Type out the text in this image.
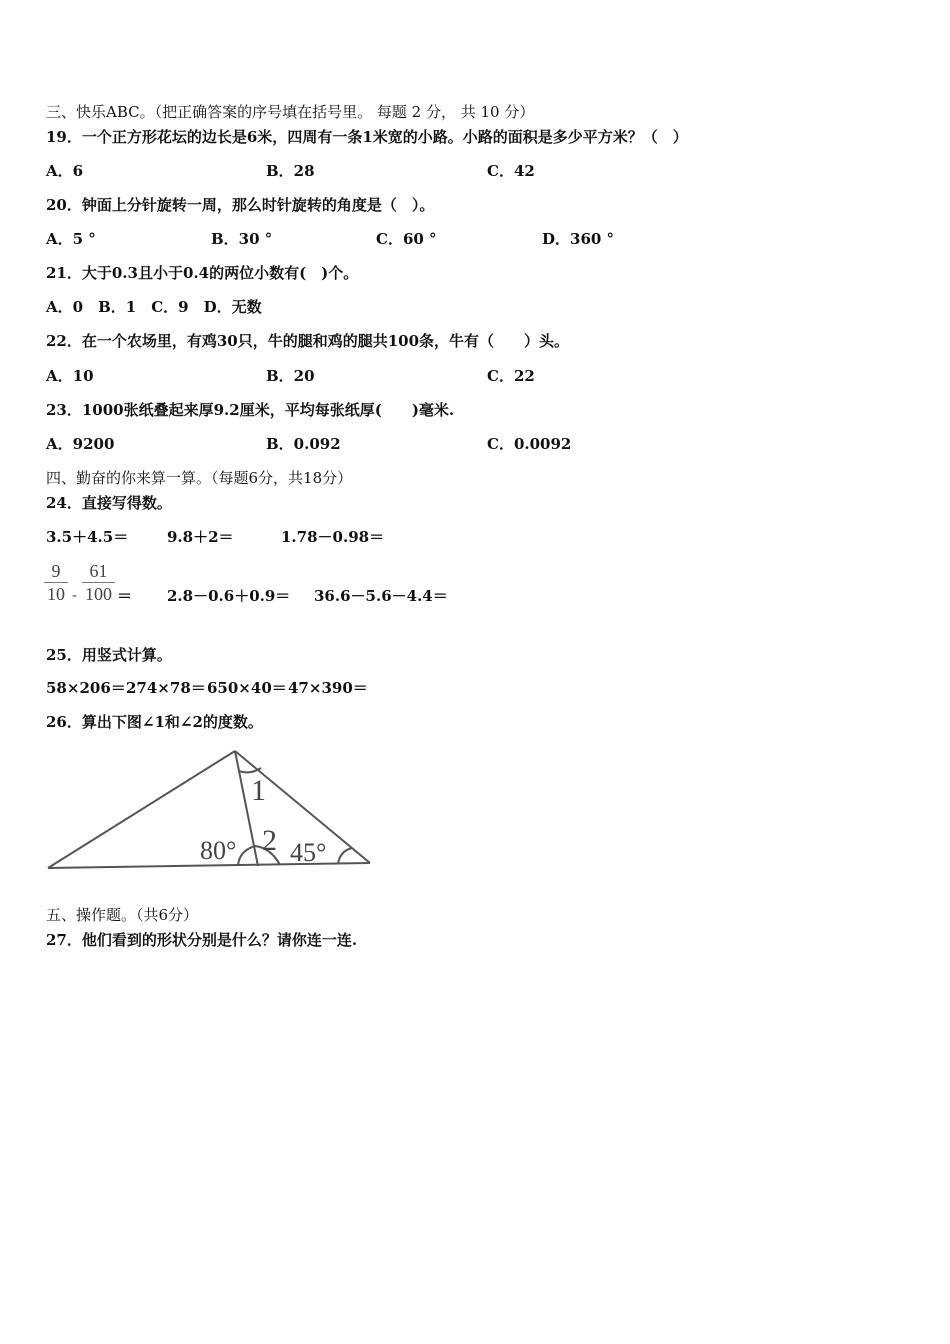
三、快乐ABC。（把正确答案的序号填在括号里。 每题 2 分， 共 10 分）
19．一个正方形花坛的边长是6米，四周有一条1米宽的小路。小路的面积是多少平方米？（　）
A．6	B．28	C．42
20．钟面上分针旋转一周，那么时针旋转的角度是（　）。
A．5 °	B．30 °	C．60 °	D．360 °
21．大于0.3且小于0.4的两位小数有(　)个。
A．0　B．1　C．9　D．无数
22．在一个农场里，有鸡30只，牛的腿和鸡的腿共100条，牛有（　　）头。
A．10	B．20	C．22
23．1000张纸叠起来厚9.2厘米，平均每张纸厚(　　)毫米.
A．9200	B．0.092	C．0.0092
四、勤奋的你来算一算。（每题6分，共18分）
24．直接写得数。
3.5＋4.5＝	9.8＋2＝	1.78－0.98＝
9
10 -
61
100 ＝ 2.8－0.6＋0.9＝ 36.6－5.6－4.4＝
25．用竖式计算。
58×206＝ 274×78＝ 650×40＝ 47×390＝
26．算出下图∠1和∠2的度数。
1
2
80° 45°
五、操作题。（共6分）
27．他们看到的形状分别是什么？请你连一连.
